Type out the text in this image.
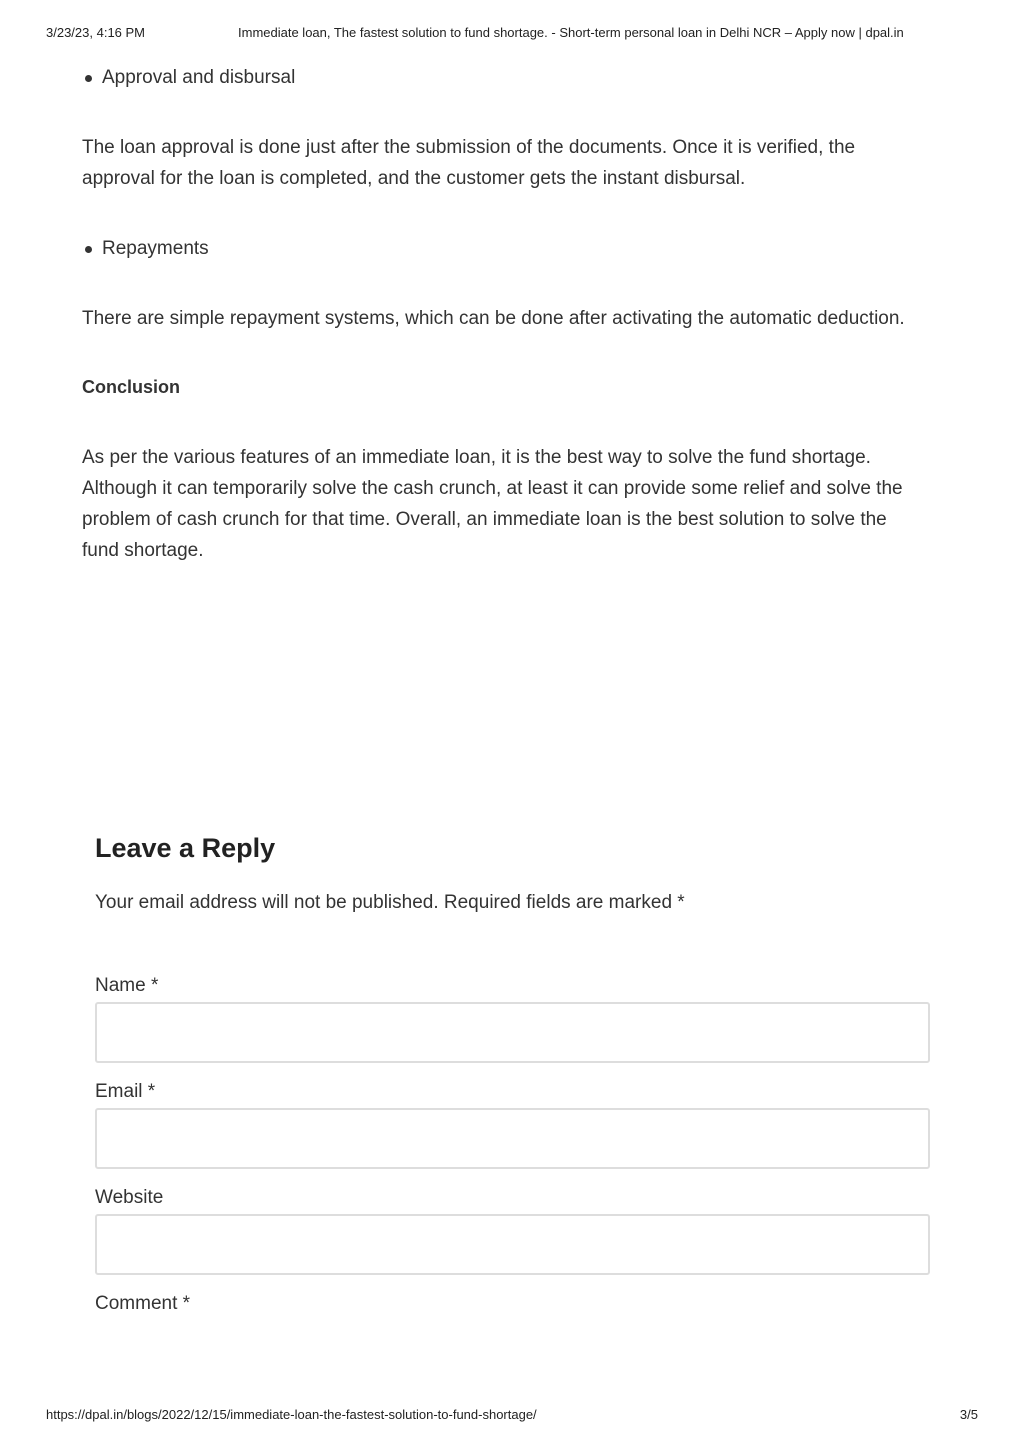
3/23/23, 4:16 PM	Immediate loan, The fastest solution to fund shortage. - Short-term personal loan in Delhi NCR – Apply now | dpal.in
Approval and disbursal
The loan approval is done just after the submission of the documents. Once it is verified, the
approval for the loan is completed, and the customer gets the instant disbursal.
Repayments
There are simple repayment systems, which can be done after activating the automatic deduction.
Conclusion
As per the various features of an immediate loan, it is the best way to solve the fund shortage.
Although it can temporarily solve the cash crunch, at least it can provide some relief and solve the
problem of cash crunch for that time. Overall, an immediate loan is the best solution to solve the
fund shortage.
Leave a Reply

Your email address will not be published. Required fields are marked *

Name *
Email *
Website
Comment *
https://dpal.in/blogs/2022/12/15/immediate-loan-the-fastest-solution-to-fund-shortage/	3/5
